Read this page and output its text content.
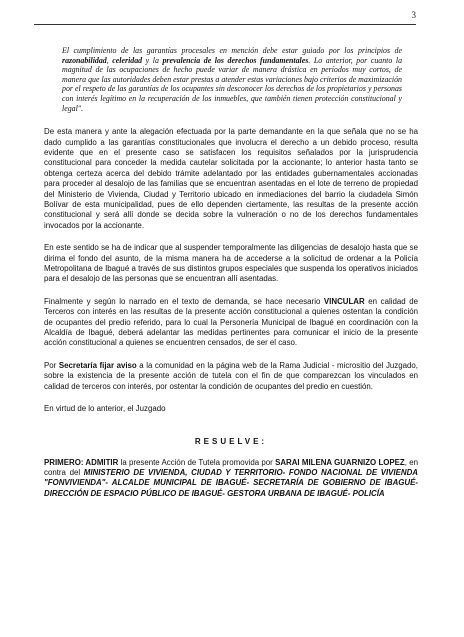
3

El cumplimiento de las garantías procesales en mención debe estar guiado por los principios de razonabilidad, celeridad y la prevalencia de los derechos fundamentales. Lo anterior, por cuanto la magnitud de las ocupaciones de hecho puede variar de manera drástica en períodos muy cortos, de manera que las autoridades deben estar prestas a atender estas variaciones bajo criterios de maximización por el respeto de las garantías de los ocupantes sin desconocer los derechos de los propietarios y personas con interés legítimo en la recuperación de los inmuebles, que también tienen protección constitucional y legal".

De esta manera y ante la alegación efectuada por la parte demandante en la que señala que no se ha dado cumplido a las garantías constitucionales que involucra el derecho a un debido proceso, resulta evidente que en el presente caso se satisfacen los requisitos señalados por la jurisprudencia constitucional para conceder la medida cautelar solicitada por la accionante; lo anterior hasta tanto se obtenga certeza acerca del debido trámite adelantado por las entidades gubernamentales accionadas para proceder al desalojo de las familias que se encuentran asentadas en el lote de terreno de propiedad del Ministerio de Vivienda, Ciudad y Territorio ubicado en inmediaciones del barrio la ciudadela Simón Bolívar de esta municipalidad, pues de ello dependen ciertamente, las resultas de la presente acción constitucional y será allí donde se decida sobre la vulneración o no de los derechos fundamentales invocados por la accionante.

En este sentido se ha de indicar que al suspender temporalmente las diligencias de desalojo hasta que se dirima el fondo del asunto, de la misma manera ha de accederse a la solicitud de ordenar a la Policía Metropolitana de Ibagué a través de sus distintos grupos especiales que suspenda los operativos iniciados para el desalojo de las personas que se encuentran allí asentadas.

Finalmente y según lo narrado en el texto de demanda, se hace necesario VINCULAR en calidad de Terceros con interés en las resultas de la presente acción constitucional a quienes ostentan la condición de ocupantes del predio referido, para lo cual la Personería Municipal de Ibagué en coordinación con la Alcaldía de Ibagué, deberá adelantar las medidas pertinentes para comunicar el inicio de la presente acción constitucional a quienes se encuentren censados, de ser el caso.

Por Secretaría fijar aviso a la comunidad en la página web de la Rama Judicial - micrositio del Juzgado, sobre la existencia de la presente acción de tutela con el fin de que comparezcan los vinculados en calidad de terceros con interés, por ostentar la condición de ocupantes del predio en cuestión.

En virtud de lo anterior, el Juzgado

RESUELVE:

PRIMERO: ADMITIR la presente Acción de Tutela promovida por SARAI MILENA GUARNIZO LOPEZ, en contra del MINISTERIO DE VIVIENDA, CIUDAD Y TERRITORIO- FONDO NACIONAL DE VIVIENDA "FONVIVIENDA"- ALCALDE MUNICIPAL DE IBAGUÉ- SECRETARÍA DE GOBIERNO DE IBAGUÉ- DIRECCIÓN DE ESPACIO PÚBLICO DE IBAGUÉ- GESTORA URBANA DE IBAGUÉ- POLICÍA
